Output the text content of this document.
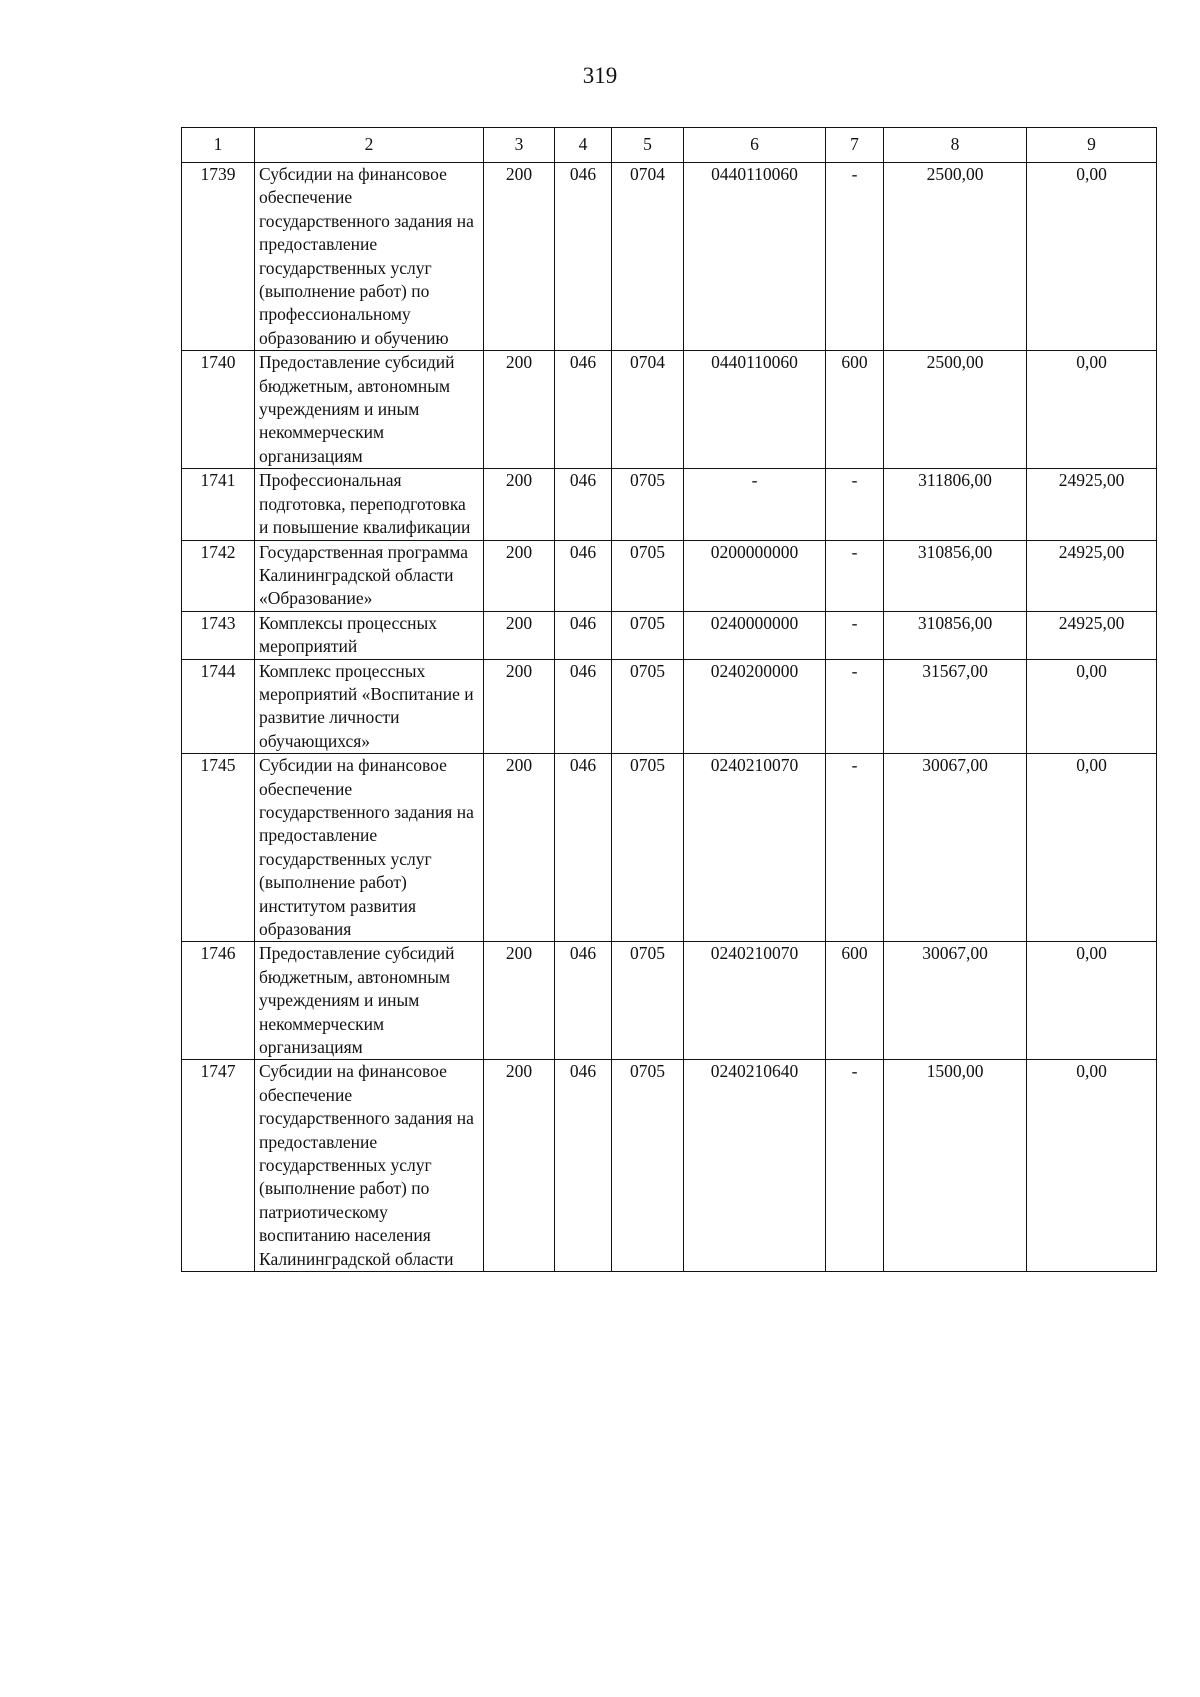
319
1	2	3	4	5	6	7	8	9
1739	Субсидии на финансовое обеспечение государственного задания на предоставление государственных услуг (выполнение работ) по профессиональному образованию и обучению	200	046	0704	0440110060	-	2500,00	0,00
1740	Предоставление субсидий бюджетным, автономным учреждениям и иным некоммерческим организациям	200	046	0704	0440110060	600	2500,00	0,00
1741	Профессиональная подготовка, переподготовка и повышение квалификации	200	046	0705	-	-	311806,00	24925,00
1742	Государственная программа Калининградской области «Образование»	200	046	0705	0200000000	-	310856,00	24925,00
1743	Комплексы процессных мероприятий	200	046	0705	0240000000	-	310856,00	24925,00
1744	Комплекс процессных мероприятий «Воспитание и развитие личности обучающихся»	200	046	0705	0240200000	-	31567,00	0,00
1745	Субсидии на финансовое обеспечение государственного задания на предоставление государственных услуг (выполнение работ) институтом развития образования	200	046	0705	0240210070	-	30067,00	0,00
1746	Предоставление субсидий бюджетным, автономным учреждениям и иным некоммерческим организациям	200	046	0705	0240210070	600	30067,00	0,00
1747	Субсидии на финансовое обеспечение государственного задания на предоставление государственных услуг (выполнение работ) по патриотическому воспитанию населения Калининградской области	200	046	0705	0240210640	-	1500,00	0,00
